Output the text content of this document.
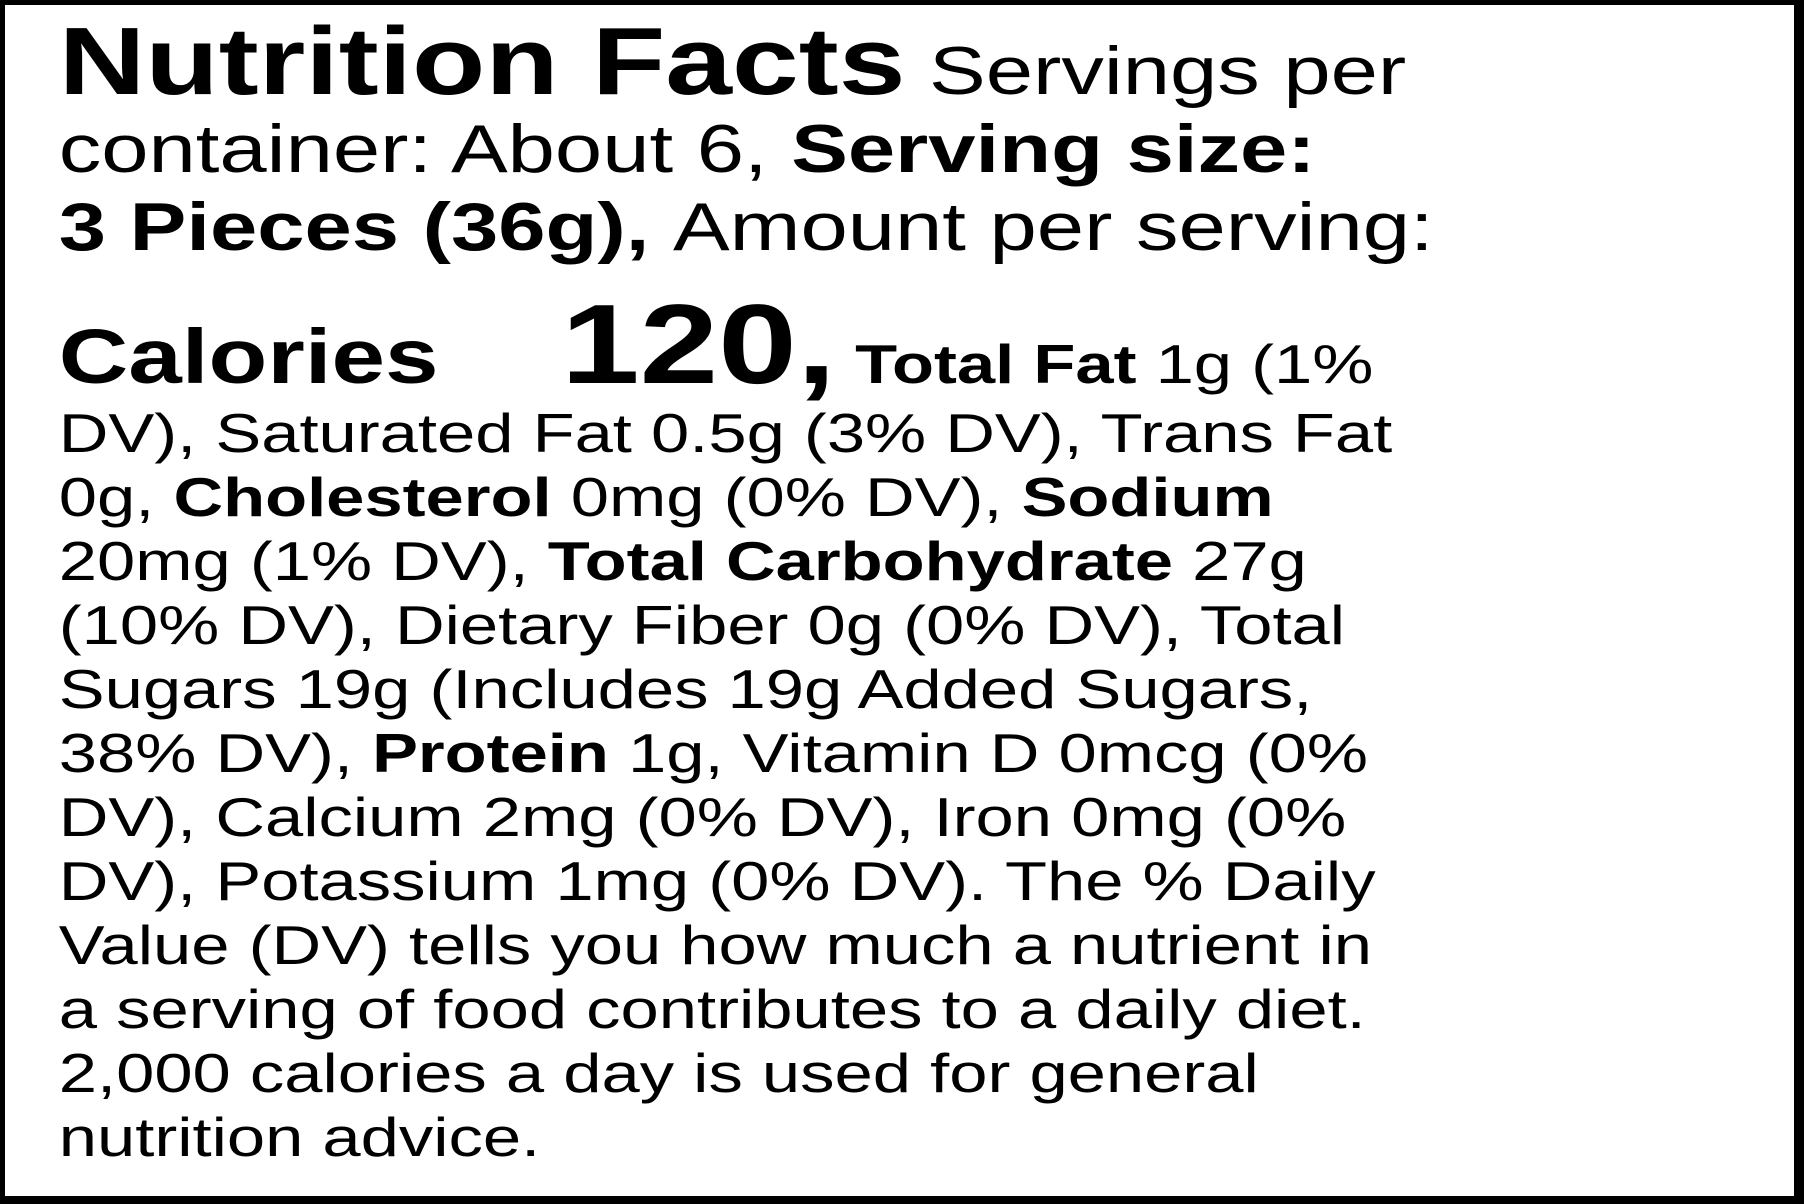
Nutrition Facts Servings per
container: About 6, Serving size:
3 Pieces (36g), Amount per serving:
Calories 120, Total Fat 1g (1%
DV), Saturated Fat 0.5g (3% DV), Trans Fat
0g, Cholesterol 0mg (0% DV), Sodium
20mg (1% DV), Total Carbohydrate 27g
(10% DV), Dietary Fiber 0g (0% DV), Total
Sugars 19g (Includes 19g Added Sugars,
38% DV), Protein 1g, Vitamin D 0mcg (0%
DV), Calcium 2mg (0% DV), Iron 0mg (0%
DV), Potassium 1mg (0% DV). The % Daily
Value (DV) tells you how much a nutrient in
a serving of food contributes to a daily diet.
2,000 calories a day is used for general
nutrition advice.
